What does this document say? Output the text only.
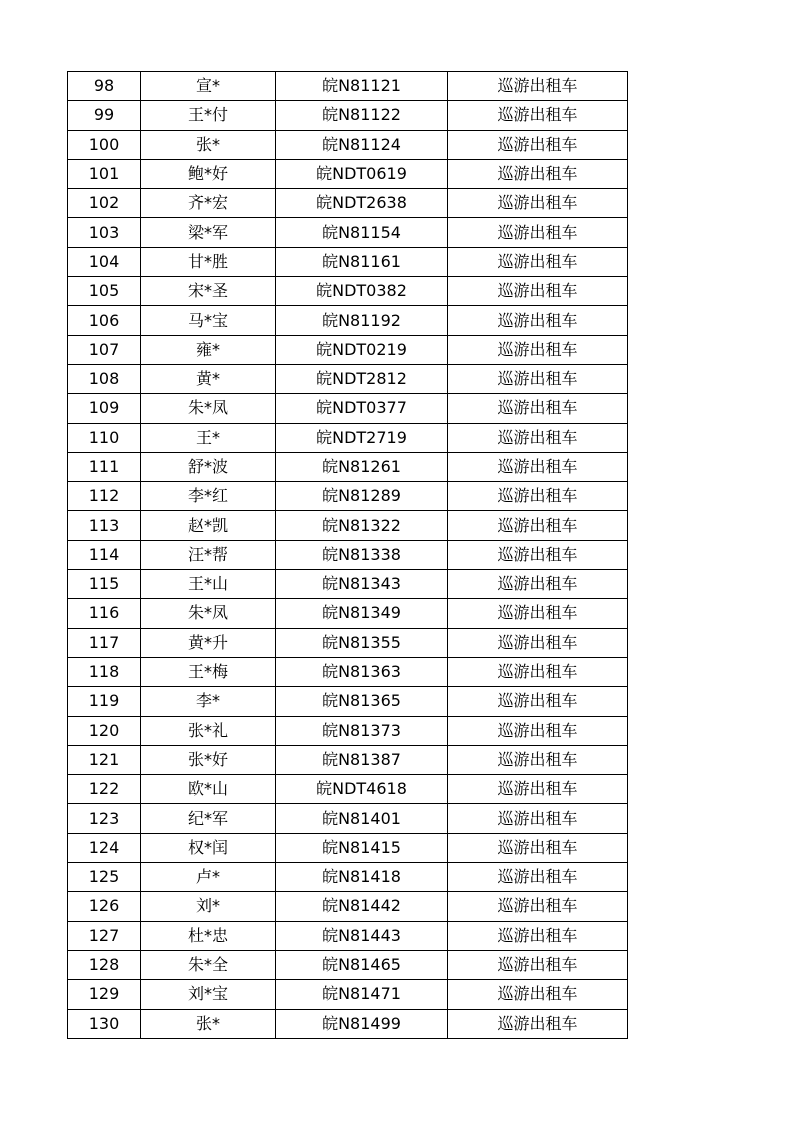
98	宣*	皖N81121	巡游出租车
99	王*付	皖N81122	巡游出租车
100	张*	皖N81124	巡游出租车
101	鲍*好	皖NDT0619	巡游出租车
102	齐*宏	皖NDT2638	巡游出租车
103	梁*军	皖N81154	巡游出租车
104	甘*胜	皖N81161	巡游出租车
105	宋*圣	皖NDT0382	巡游出租车
106	马*宝	皖N81192	巡游出租车
107	雍*	皖NDT0219	巡游出租车
108	黄*	皖NDT2812	巡游出租车
109	朱*凤	皖NDT0377	巡游出租车
110	王*	皖NDT2719	巡游出租车
111	舒*波	皖N81261	巡游出租车
112	李*红	皖N81289	巡游出租车
113	赵*凯	皖N81322	巡游出租车
114	汪*帮	皖N81338	巡游出租车
115	王*山	皖N81343	巡游出租车
116	朱*凤	皖N81349	巡游出租车
117	黄*升	皖N81355	巡游出租车
118	王*梅	皖N81363	巡游出租车
119	李*	皖N81365	巡游出租车
120	张*礼	皖N81373	巡游出租车
121	张*好	皖N81387	巡游出租车
122	欧*山	皖NDT4618	巡游出租车
123	纪*军	皖N81401	巡游出租车
124	权*闰	皖N81415	巡游出租车
125	卢*	皖N81418	巡游出租车
126	刘*	皖N81442	巡游出租车
127	杜*忠	皖N81443	巡游出租车
128	朱*全	皖N81465	巡游出租车
129	刘*宝	皖N81471	巡游出租车
130	张*	皖N81499	巡游出租车
